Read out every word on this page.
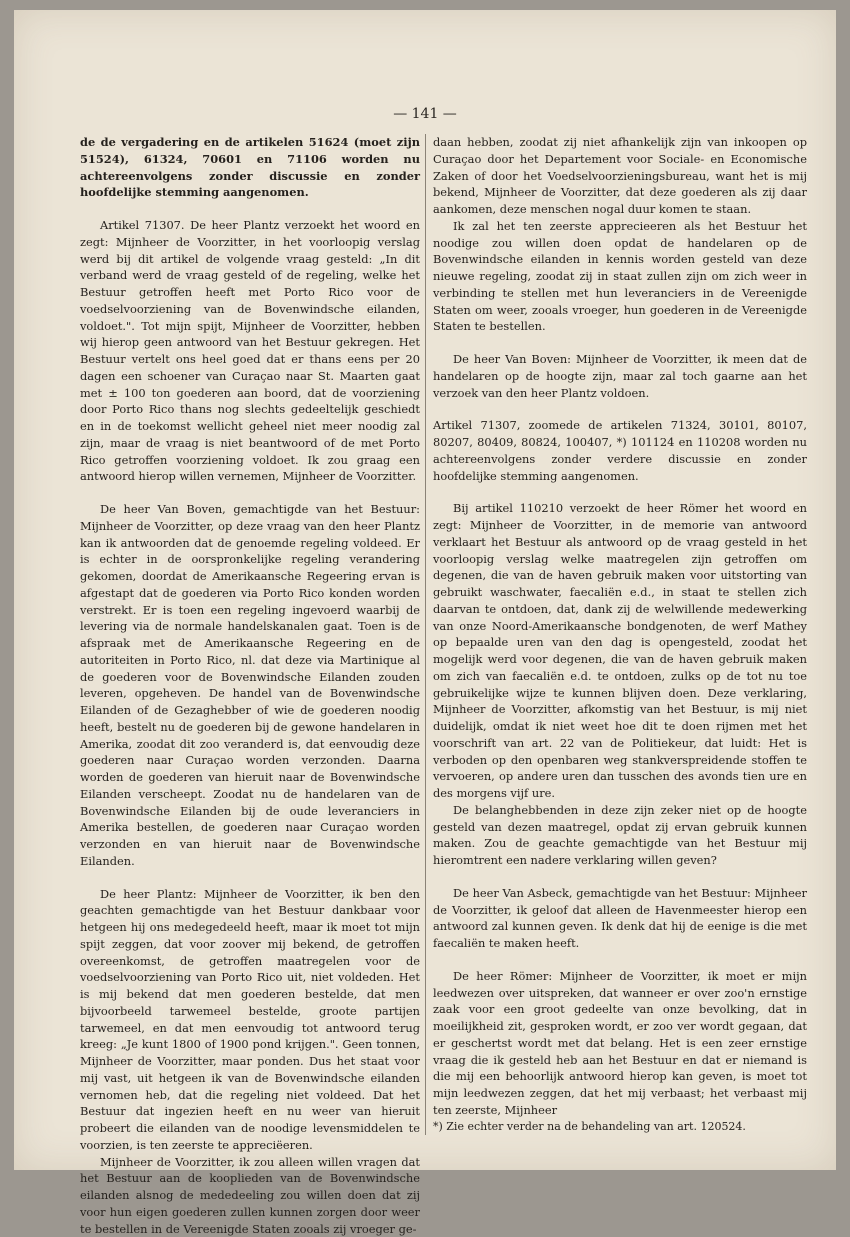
— 141 —

de de vergadering en de artikelen 51624 (moet zijn 51524), 61324, 70601 en 71106 worden nu achtereenvolgens zonder discussie en zonder hoofdelijke stemming aangenomen.

Artikel 71307. De heer Plantz verzoekt het woord en zegt: Mijnheer de Voorzitter, in het voorloopig verslag werd bij dit artikel de volgende vraag gesteld: „In dit verband werd de vraag gesteld of de regeling, welke het Bestuur getroffen heeft met Porto Rico voor de voedselvoorziening van de Bovenwindsche eilanden, voldoet.". Tot mijn spijt, Mijnheer de Voorzitter, hebben wij hierop geen antwoord van het Bestuur gekregen. Het Bestuur vertelt ons heel goed dat er thans eens per 20 dagen een schoener van Curaçao naar St. Maarten gaat met ± 100 ton goederen aan boord, dat de voorziening door Porto Rico thans nog slechts gedeeltelijk geschiedt en in de toekomst wellicht geheel niet meer noodig zal zijn, maar de vraag is niet beantwoord of de met Porto Rico getroffen voorziening voldoet. Ik zou graag een antwoord hierop willen vernemen, Mijnheer de Voorzitter.

De heer Van Boven, gemachtigde van het Bestuur: Mijnheer de Voorzitter, op deze vraag van den heer Plantz kan ik antwoorden dat de genoemde regeling voldeed. Er is echter in de oorspronkelijke regeling verandering gekomen, doordat de Amerikaansche Regeering ervan is afgestapt dat de goederen via Porto Rico konden worden verstrekt. Er is toen een regeling ingevoerd waarbij de levering via de normale handelskanalen gaat. Toen is de afspraak met de Amerikaansche Regeering en de autoriteiten in Porto Rico, nl. dat deze via Martinique al de goederen voor de Bovenwindsche Eilanden zouden leveren, opgeheven. De handel van de Bovenwindsche Eilanden of de Gezaghebber of wie de goederen noodig heeft, bestelt nu de goederen bij de gewone handelaren in Amerika, zoodat dit zoo veranderd is, dat eenvoudig deze goederen naar Curaçao worden verzonden. Daarna worden de goederen van hieruit naar de Bovenwindsche Eilanden verscheept. Zoodat nu de handelaren van de Bovenwindsche Eilanden bij de oude leveranciers in Amerika bestellen, de goederen naar Curaçao worden verzonden en van hieruit naar de Bovenwindsche Eilanden.

De heer Plantz: Mijnheer de Voorzitter, ik ben den geachten gemachtigde van het Bestuur dankbaar voor hetgeen hij ons medegedeeld heeft, maar ik moet tot mijn spijt zeggen, dat voor zoover mij bekend, de getroffen overeenkomst, de getroffen maatregelen voor de voedselvoorziening van Porto Rico uit, niet voldeden. Het is mij bekend dat men goederen bestelde, dat men bijvoorbeeld tarwemeel bestelde, groote partijen tarwemeel, en dat men eenvoudig tot antwoord terug kreeg: „Je kunt 1800 of 1900 pond krijgen.". Geen tonnen, Mijnheer de Voorzitter, maar ponden. Dus het staat voor mij vast, uit hetgeen ik van de Bovenwindsche eilanden vernomen heb, dat die regeling niet voldeed. Dat het Bestuur dat ingezien heeft en nu weer van hieruit probeert die eilanden van de noodige levensmiddelen te voorzien, is ten zeerste te appreciëeren.

Mijnheer de Voorzitter, ik zou alleen willen vragen dat het Bestuur aan de kooplieden van de Bovenwindsche eilanden alsnog de mededeeling zou willen doen dat zij voor hun eigen goederen zullen kunnen zorgen door weer te bestellen in de Vereenigde Staten zooals zij vroeger ge-

daan hebben, zoodat zij niet afhankelijk zijn van inkoopen op Curaçao door het Departement voor Sociale- en Economische Zaken of door het Voedselvoorzieningsbureau, want het is mij bekend, Mijnheer de Voorzitter, dat deze goederen als zij daar aankomen, deze menschen nogal duur komen te staan.

Ik zal het ten zeerste apprecieeren als het Bestuur het noodige zou willen doen opdat de handelaren op de Bovenwindsche eilanden in kennis worden gesteld van deze nieuwe regeling, zoodat zij in staat zullen zijn om zich weer in verbinding te stellen met hun leveranciers in de Vereenigde Staten om weer, zooals vroeger, hun goederen in de Vereenigde Staten te bestellen.

De heer Van Boven: Mijnheer de Voorzitter, ik meen dat de handelaren op de hoogte zijn, maar zal toch gaarne aan het verzoek van den heer Plantz voldoen.

Artikel 71307, zoomede de artikelen 71324, 30101, 80107, 80207, 80409, 80824, 100407, *) 101124 en 110208 worden nu achtereenvolgens zonder verdere discussie en zonder hoofdelijke stemming aangenomen.

Bij artikel 110210 verzoekt de heer Römer het woord en zegt: Mijnheer de Voorzitter, in de memorie van antwoord verklaart het Bestuur als antwoord op de vraag gesteld in het voorloopig verslag welke maatregelen zijn getroffen om degenen, die van de haven gebruik maken voor uitstorting van gebruikt waschwater, faecaliën e.d., in staat te stellen zich daarvan te ontdoen, dat, dank zij de welwillende medewerking van onze Noord-Amerikaansche bondgenoten, de werf Mathey op bepaalde uren van den dag is opengesteld, zoodat het mogelijk werd voor degenen, die van de haven gebruik maken om zich van faecaliën e.d. te ontdoen, zulks op de tot nu toe gebruikelijke wijze te kunnen blijven doen. Deze verklaring, Mijnheer de Voorzitter, afkomstig van het Bestuur, is mij niet duidelijk, omdat ik niet weet hoe dit te doen rijmen met het voorschrift van art. 22 van de Politiekeur, dat luidt: Het is verboden op den openbaren weg stankverspreidende stoffen te vervoeren, op andere uren dan tusschen des avonds tien ure en des morgens vijf ure.

De belanghebbenden in deze zijn zeker niet op de hoogte gesteld van dezen maatregel, opdat zij ervan gebruik kunnen maken. Zou de geachte gemachtigde van het Bestuur mij hieromtrent een nadere verklaring willen geven?

De heer Van Asbeck, gemachtigde van het Bestuur: Mijnheer de Voorzitter, ik geloof dat alleen de Havenmeester hierop een antwoord zal kunnen geven. Ik denk dat hij de eenige is die met faecaliën te maken heeft.

De heer Römer: Mijnheer de Voorzitter, ik moet er mijn leedwezen over uitspreken, dat wanneer er over zoo'n ernstige zaak voor een groot gedeelte van onze bevolking, dat in moeilijkheid zit, gesproken wordt, er zoo ver wordt gegaan, dat er geschertst wordt met dat belang. Het is een zeer ernstige vraag die ik gesteld heb aan het Bestuur en dat er niemand is die mij een behoorlijk antwoord hierop kan geven, is moet tot mijn leedwezen zeggen, dat het mij verbaast; het verbaast mij ten zeerste, Mijnheer

*) Zie echter verder na de behandeling van art. 120524.
